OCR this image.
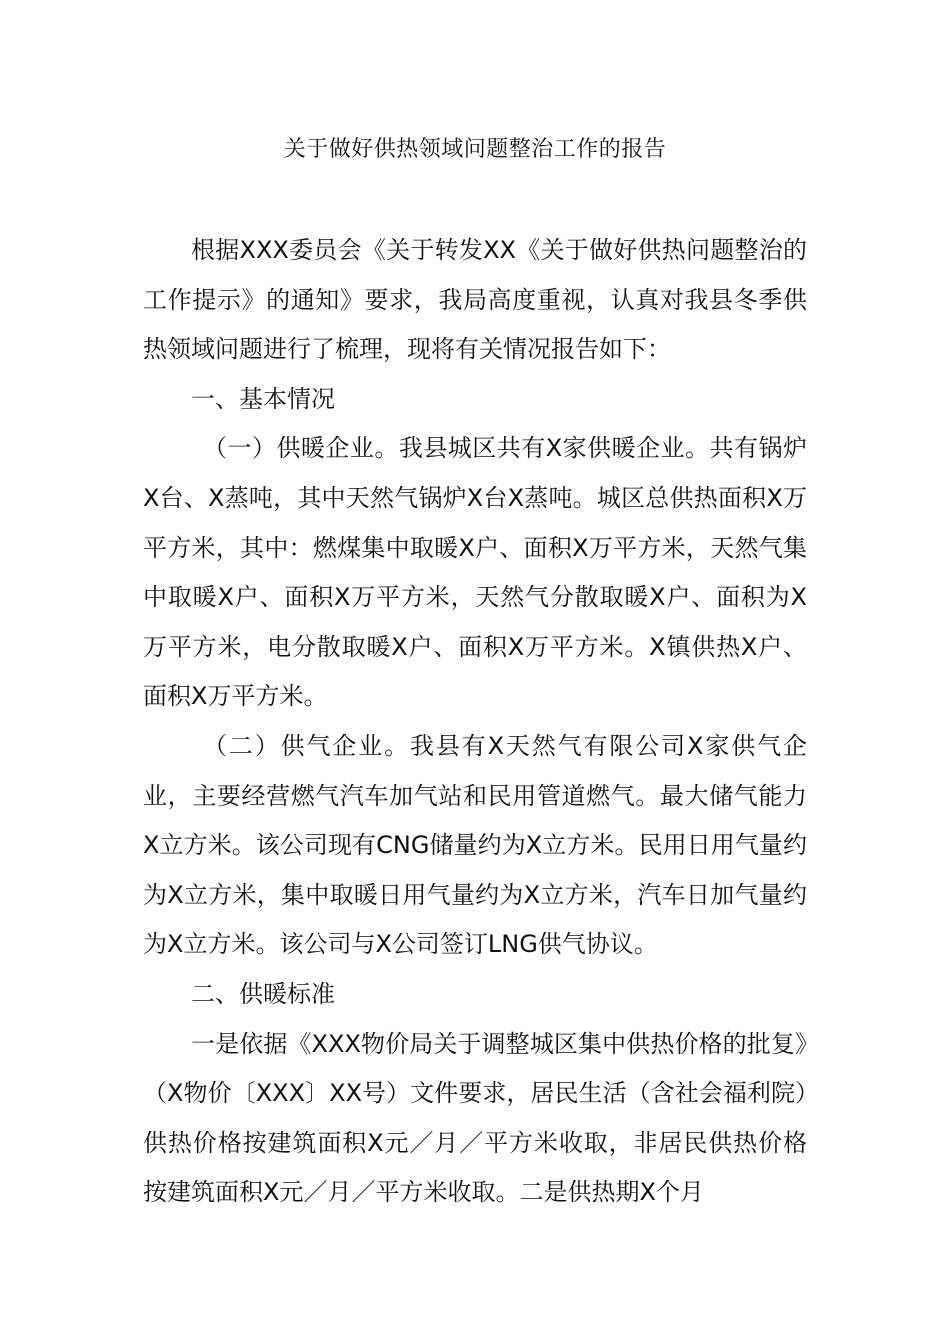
关于做好供热领域问题整治工作的报告

根据XXX委员会《关于转发XX《关于做好供热问题整治的工作提示》的通知》要求，我局高度重视，认真对我县冬季供热领域问题进行了梳理，现将有关情况报告如下：

一、基本情况

（一）供暖企业。我县城区共有X家供暖企业。共有锅炉X台、X蒸吨，其中天然气锅炉X台X蒸吨。城区总供热面积X万平方米，其中：燃煤集中取暖X户、面积X万平方米，天然气集中取暖X户、面积X万平方米，天然气分散取暖X户、面积为X万平方米，电分散取暖X户、面积X万平方米。X镇供热X户、面积X万平方米。

（二）供气企业。我县有X天然气有限公司X家供气企业，主要经营燃气汽车加气站和民用管道燃气。最大储气能力X立方米。该公司现有CNG储量约为X立方米。民用日用气量约为X立方米，集中取暖日用气量约为X立方米，汽车日加气量约为X立方米。该公司与X公司签订LNG供气协议。

二、供暖标准

一是依据《XXX物价局关于调整城区集中供热价格的批复》（X物价〔XXX〕XX号）文件要求，居民生活（含社会福利院）供热价格按建筑面积X元／月／平方米收取，非居民供热价格按建筑面积X元／月／平方米收取。二是供热期X个月
